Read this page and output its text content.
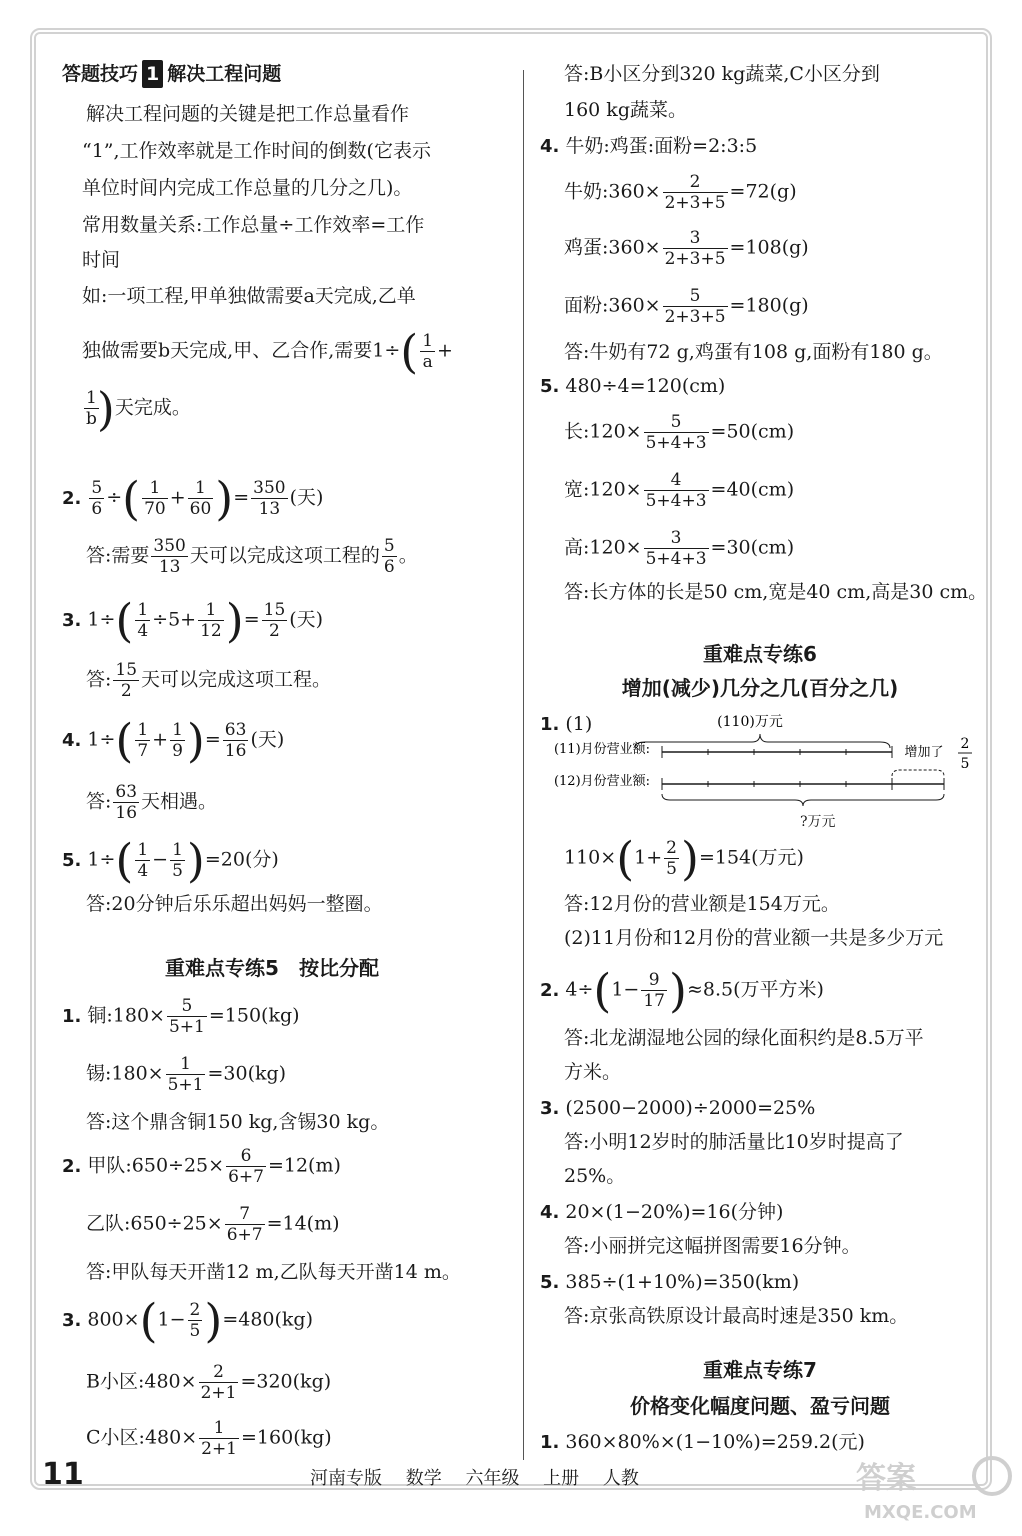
答题技巧 1 解决工程问题
解决工程问题的关键是把工作总量看作
“1”,工作效率就是工作时间的倒数(它表示
单位时间内完成工作总量的几分之几)。
常用数量关系:工作总量÷工作效率=工作
时间
如:一项工程,甲单独做需要a天完成,乙单
独做需要b天完成,甲、乙合作,需要$1\div( \frac{1}{a}$ +
$\frac{1}{b}$
)天完成。
2. $\frac{5}{6}$ ÷( $\frac{1}{70} + \frac{1}{60}$ )= $\frac{350}{13}$ (天)
答:需要 $\frac{350}{13}$ 天可以完成这项工程的 $\frac{5}{6}$ 。
3. $1\div( \frac{1}{4} \div 5+ \frac{1}{12}$ )= $\frac{15}{2}$ (天)
答: $\frac{15}{2}$ 天可以完成这项工程。
4. $1\div( \frac{1}{7} + \frac{1}{9}$ )= $\frac{63}{16}$ (天)
答: $\frac{63}{16}$ 天相遇。
5. $1\div( \frac{1}{4} - \frac{1}{5} )=20$(分)
答:20分钟后乐乐超出妈妈一整圈。
重难点专练5　按比分配
1. 铜:180× $\frac{5}{5+1} =150(kg)$
锡:180× $\frac{1}{5+1} =30(kg)$
答:这个鼎含铜150 kg,含锡30 kg。
2. 甲队:650÷25× $\frac{6}{6+7} =12(m)$
乙队:650÷25× $\frac{7}{6+7} =14(m)$
答:甲队每天开凿12 m,乙队每天开凿14 m。
3. $800\times(1- \frac{2}{5} )=480(kg)$
B小区:480× $\frac{2}{2+1} =320(kg)$
C小区:480× $\frac{1}{2+1} =160(kg)$
答:B小区分到320 kg蔬菜,C小区分到
160 kg蔬菜。
4. 牛奶:鸡蛋:面粉=2:3:5
牛奶:360× $\frac{2}{2+3+5} =72(g)$
鸡蛋:360× $\frac{3}{2+3+5} =108(g)$
面粉:360× $\frac{5}{2+3+5} =180(g)$
答:牛奶有72 g,鸡蛋有108 g,面粉有180 g。
5. 480÷4=120(cm)
长:120× $\frac{5}{5+4+3} =50(cm)$
宽:120× $\frac{4}{5+4+3} =40(cm)$
高:120× $\frac{3}{5+4+3} =30(cm)$
答:长方体的长是50 cm,宽是40 cm,高是30 cm。
重难点专练6
增加(减少)几分之几(百分之几)
1. (1)	(110)万元
(11)月份营业额:	增加了
2
5
(12)月份营业额:
?万元
$110\times(1+ \frac{2}{5} )=154$(万元)
答:12月份的营业额是154万元。
(2)11月份和12月份的营业额一共是多少万元
2. $4\div(1- \frac{9}{17} )\approx 8.5$(万平方米)
答:北龙湖湿地公园的绿化面积约是8.5万平
方米。
3. (2500−2000)÷2000=25%
答:小明12岁时的肺活量比10岁时提高了
25%。
4. 20×(1−20%)=16(分钟)
答:小丽拼完这幅拼图需要16分钟。
5. 385÷(1+10%)=350(km)
答:京张高铁原设计最高时速是350 km。
重难点专练7
价格变化幅度问题、盈亏问题
1. 360×80%×(1−10%)=259.2(元)
11	河南专版 数学 六年级 上册 人教	答案
MXQE.COM
